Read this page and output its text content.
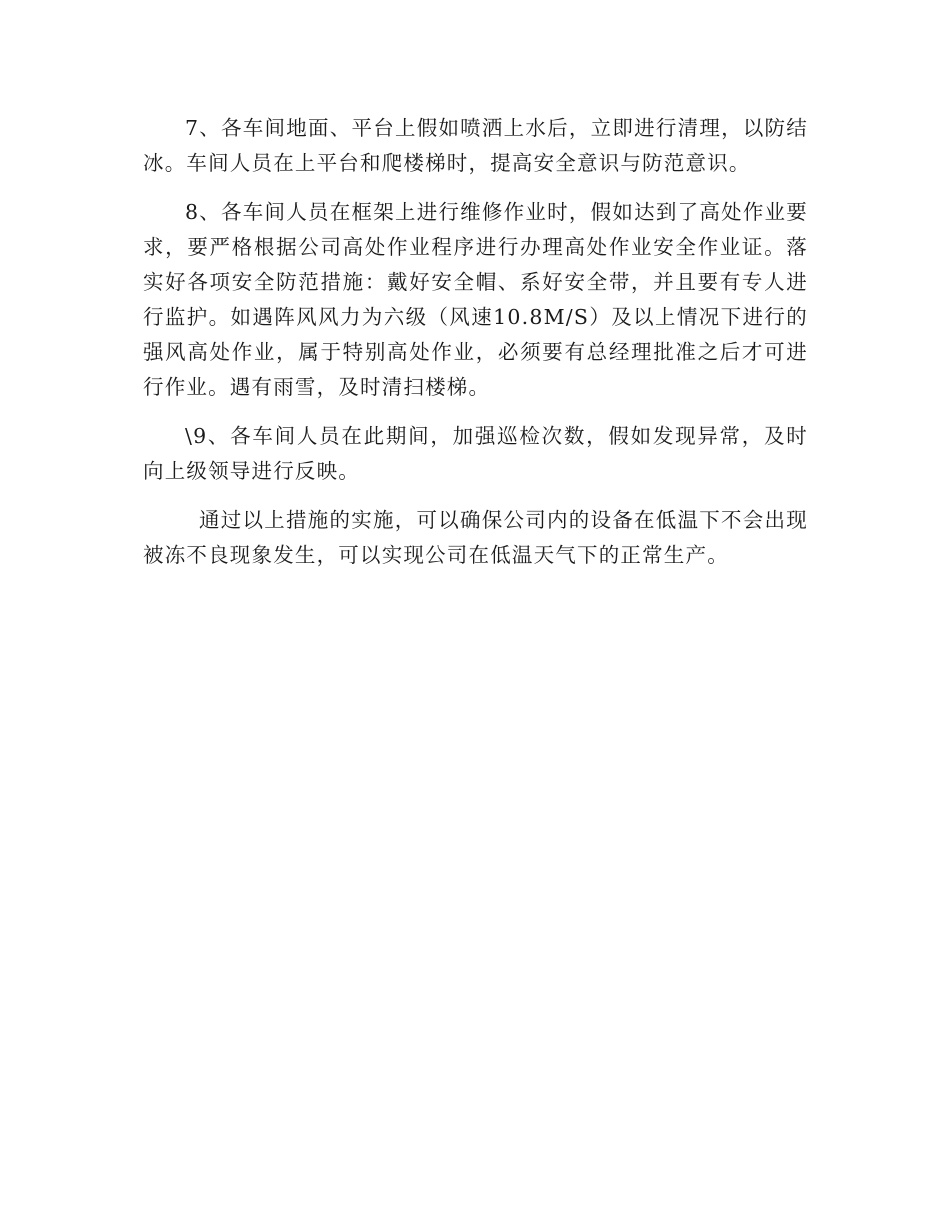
7、各车间地面、平台上假如喷洒上水后，立即进行清理，以防结冰。车间人员在上平台和爬楼梯时，提高安全意识与防范意识。

8、各车间人员在框架上进行维修作业时，假如达到了高处作业要求，要严格根据公司高处作业程序进行办理高处作业安全作业证。落实好各项安全防范措施：戴好安全帽、系好安全带，并且要有专人进行监护。如遇阵风风力为六级（风速10.8M/S）及以上情况下进行的强风高处作业，属于特别高处作业，必须要有总经理批准之后才可进行作业。遇有雨雪，及时清扫楼梯。

\9、各车间人员在此期间，加强巡检次数，假如发现异常，及时向上级领导进行反映。

通过以上措施的实施，可以确保公司内的设备在低温下不会出现被冻不良现象发生，可以实现公司在低温天气下的正常生产。
